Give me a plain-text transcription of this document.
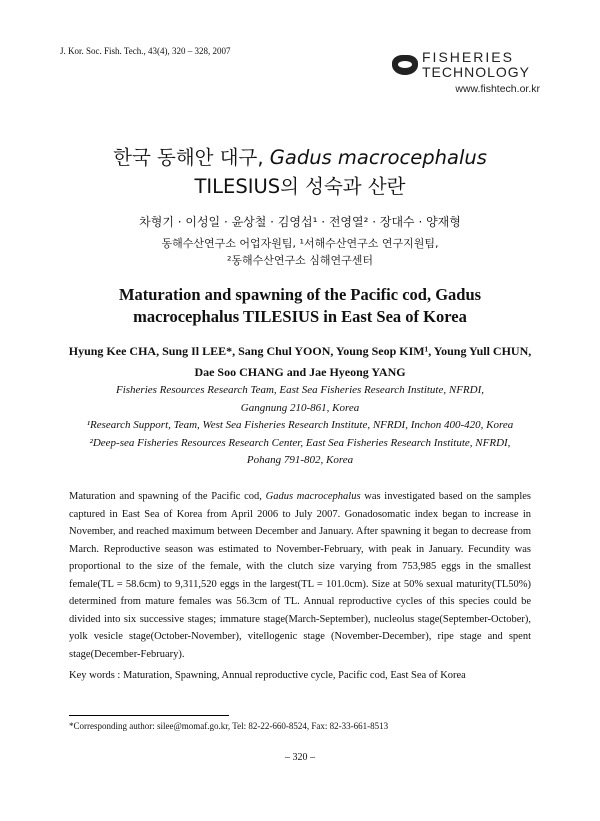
J. Kor. Soc. Fish. Tech., 43(4), 320 – 328, 2007	FISHERIES
TECHNOLOGY
www.fishtech.or.kr
한국 동해안 대구, Gadus macrocephalus
TILESIUS의 성숙과 산란
차형기 · 이성일 · 윤상철 · 김영섭¹ · 전영열² · 장대수 · 양재형
동해수산연구소 어업자원팀, ¹서해수산연구소 연구지원팀,
²동해수산연구소 심해연구센터
Maturation and spawning of the Pacific cod, Gadus
macrocephalus TILESIUS in East Sea of Korea
Hyung Kee CHA, Sung Il LEE*, Sang Chul YOON, Young Seop KIM¹, Young Yull CHUN,
Dae Soo CHANG and Jae Hyeong YANG
Fisheries Resources Research Team, East Sea Fisheries Research Institute, NFRDI,
Gangnung 210-861, Korea
¹Research Support, Team, West Sea Fisheries Research Institute, NFRDI, Inchon 400-420, Korea
²Deep-sea Fisheries Resources Research Center, East Sea Fisheries Research Institute, NFRDI,
Pohang 791-802, Korea
Maturation and spawning of the Pacific cod, Gadus macrocephalus was investigated based on the samples captured in East Sea of Korea from April 2006 to July 2007. Gonadosomatic index began to increase in November, and reached maximum between December and January. After spawning it began to decrease from March. Reproductive season was estimated to November-February, with peak in January. Fecundity was proportional to the size of the female, with the clutch size varying from 753,985 eggs in the smallest female(TL = 58.6cm) to 9,311,520 eggs in the largest(TL = 101.0cm). Size at 50% sexual maturity(TL50%) determined from mature females was 56.3cm of TL. Annual reproductive cycles of this species could be divided into six successive stages; immature stage(March-September), nucleolus stage(September-October), yolk vesicle stage(October-November), vitellogenic stage (November-December), ripe stage and spent stage(December-February).
Key words : Maturation, Spawning, Annual reproductive cycle, Pacific cod, East Sea of Korea
*Corresponding author: silee@momaf.go.kr, Tel: 82-22-660-8524, Fax: 82-33-661-8513
– 320 –
